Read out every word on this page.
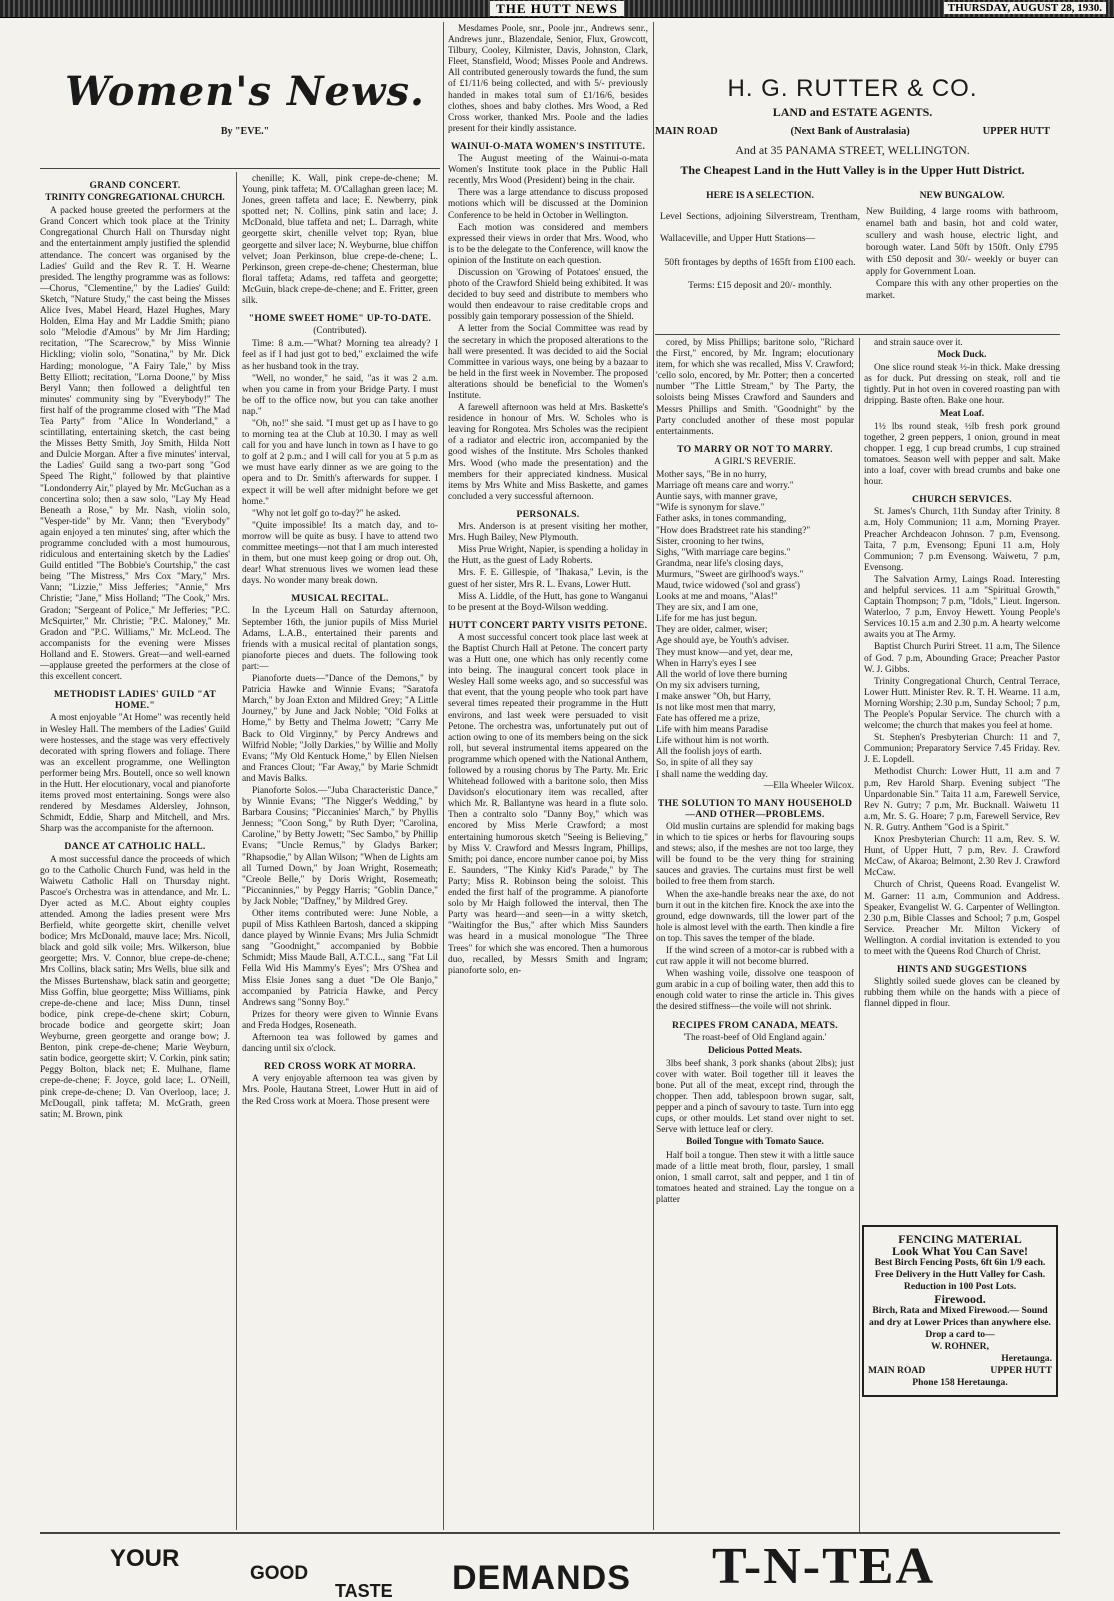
THE HUTT NEWS	THURSDAY, AUGUST 28, 1930.
Women's News.
By "EVE."
GRAND CONCERT.
TRINITY CONGREGATIONAL CHURCH.

A packed house greeted the performers at the Grand Concert which took place at the Trinity Congregational Church Hall on Thursday night and the entertainment amply justified the splendid attendance. The concert was organised by the Ladies' Guild and the Rev R. T. H. Wearne presided. The lengthy programme was as follows:—Chorus, "Clementine," by the Ladies' Guild: Sketch, "Nature Study," the cast being the Misses Alice Ives, Mabel Heard, Hazel Hughes, Mary Holden, Elma Hay and Mr Laddie Smith; piano solo "Melodie d'Amous" by Mr Jim Harding; recitation, "The Scarecrow," by Miss Winnie Hickling; violin solo, "Sonatina," by Mr. Dick Harding; monologue, "A Fairy Tale," by Miss Betty Elliott; recitation, "Lorna Doone," by Miss Beryl Vann; then followed a delightful ten minutes' community sing by "Everybody!" The first half of the programme closed with "The Mad Tea Party" from "Alice In Wonderland," a scintillating, entertaining sketch, the cast being the Misses Betty Smith, Joy Smith, Hilda Nott and Dulcie Morgan. After a five minutes' interval, the Ladies' Guild sang a two-part song "God Speed The Right," followed by that plaintive "Londonderry Air," played by Mr. McGuchan as a concertina solo; then a saw solo, "Lay My Head Beneath a Rose," by Mr. Nash, violin solo, "Vesper-tide" by Mr. Vann; then "Everybody" again enjoyed a ten minutes' sing, after which the programme concluded with a most humourous, ridiculous and entertaining sketch by the Ladies' Guild entitled "The Bobbie's Courtship," the cast being "The Mistress," Mrs Cox "Mary," Mrs. Vann; "Lizzie," Miss Jefferies; "Annie," Mrs Christie; "Jane," Miss Holland; "The Cook," Mrs. Gradon; "Sergeant of Police," Mr Jefferies; "P.C. McSquirter," Mr. Christie; "P.C. Maloney," Mr. Gradon and "P.C. Williams," Mr. McLeod. The accompanists for the evening were Misses Holland and E. Stowers. Great—and well-earned—applause greeted the performers at the close of this excellent concert.

METHODIST LADIES' GUILD "AT HOME."

A most enjoyable "At Home" was recently held in Wesley Hall. The members of the Ladies' Guild were hostesses, and the stage was very effectively decorated with spring flowers and foliage. There was an excellent programme, one Wellington performer being Mrs. Boutell, once so well known in the Hutt. Her elocutionary, vocal and pianoforte items proved most entertaining. Songs were also rendered by Mesdames Aldersley, Johnson, Schmidt, Eddie, Sharp and Mitchell, and Mrs. Sharp was the accompaniste for the afternoon.

DANCE AT CATHOLIC HALL.

A most successful dance the proceeds of which go to the Catholic Church Fund, was held in the Waiwetu Catholic Hall on Thursday night. Pascoe's Orchestra was in attendance, and Mr. L. Dyer acted as M.C. About eighty couples attended. Among the ladies present were Mrs Berfield, white georgette skirt, chenille velvet bodice; Mrs McDonald, mauve lace; Mrs. Nicoll, black and gold silk voile; Mrs. Wilkerson, blue georgette; Mrs. V. Connor, blue crepe-de-chene; Mrs Collins, black satin; Mrs Wells, blue silk and the Misses Burtenshaw, black satin and georgette; Miss Goffin, blue georgette; Miss Williams, pink crepe-de-chene and lace; Miss Dunn, tinsel bodice, pink crepe-de-chene skirt; Coburn, brocade bodice and georgette skirt; Joan Weyburne, green georgette and orange bow; J. Benton, pink crepe-de-chene; Marie Weyburn, satin bodice, georgette skirt; V. Corkin, pink satin; Peggy Bolton, black net; E. Mulhane, flame crepe-de-chene; F. Joyce, gold lace; L. O'Neill, pink crepe-de-chene; D. Van Overloop, lace; J. McDougall, pink taffeta; M. McGrath, green satin; M. Brown, pink

chenille; K. Wall, pink crepe-de-chene; M. Young, pink taffeta; M. O'Callaghan green lace; M. Jones, green taffeta and lace; E. Newberry, pink spotted net; N. Collins, pink satin and lace; J. McDonald, blue taffeta and net; L. Darragh, white georgette skirt, chenille velvet top; Ryan, blue georgette and silver lace; N. Weyburne, blue chiffon velvet; Joan Perkinson, blue crepe-de-chene; L. Perkinson, green crepe-de-chene; Chesterman, blue floral taffeta; Adams, red taffeta and georgette; McGuin, black crepe-de-chene; and E. Fritter, green silk.

"HOME SWEET HOME" UP-TO-DATE.
(Contributed).

Time: 8 a.m.—"What? Morning tea already? I feel as if I had just got to bed," exclaimed the wife as her husband took in the tray.

"Well, no wonder," he said, "as it was 2 a.m. when you came in from your Bridge Party. I must be off to the office now, but you can take another nap."

"Oh, no!" she said. "I must get up as I have to go to morning tea at the Club at 10.30. I may as well call for you and have lunch in town as I have to go to golf at 2 p.m.; and I will call for you at 5 p.m as we must have early dinner as we are going to the opera and to Dr. Smith's afterwards for supper. I expect it will be well after midnight before we get home."

"Why not let golf go to-day?" he asked.

"Quite impossible! Its a match day, and to-morrow will be quite as busy. I have to attend two committee meetings—not that I am much interested in them, but one must keep going or drop out. Oh, dear! What strenuous lives we women lead these days. No wonder many break down.

MUSICAL RECITAL.

In the Lyceum Hall on Saturday afternoon, September 16th, the junior pupils of Miss Muriel Adams, L.A.B., entertained their parents and friends with a musical recital of plantation songs, pianoforte pieces and duets. The following took part:—

Pianoforte duets—"Dance of the Demons," by Patricia Hawke and Winnie Evans; "Saratofa March," by Joan Exton and Mildred Grey; "A Little Journey," by June and Jack Noble; "Old Folks at Home," by Betty and Thelma Jowett; "Carry Me Back to Old Virginny," by Percy Andrews and Wilfrid Noble; "Jolly Darkies," by Willie and Molly Evans; "My Old Kentuck Home," by Ellen Nielsen and Frances Clout; "Far Away," by Marie Schmidt and Mavis Balks.

Pianoforte Solos.—"Juba Characteristic Dance," by Winnie Evans; "The Nigger's Wedding," by Barbara Cousins; "Piccaninies' March," by Phyllis Jenness; "Coon Song," by Ruth Dyer; "Carolina, Caroline," by Betty Jowett; "Sec Sambo," by Phillip Evans; "Uncle Remus," by Gladys Barker; "Rhapsodie," by Allan Wilson; "When de Lights am all Turned Down," by Joan Wright, Rosemeath; "Creole Belle," by Doris Wright, Rosemeath; "Piccaninnies," by Peggy Harris; "Goblin Dance," by Jack Noble; "Daffney," by Mildred Grey.

Other items contributed were: June Noble, a pupil of Miss Kathleen Bartosh, danced a skipping dance played by Winnie Evans; Mrs Julia Schmidt sang "Goodnight," accompanied by Bobbie Schmidt; Miss Maude Ball, A.T.C.L., sang "Fat Lil Fella Wid His Mammy's Eyes"; Mrs O'Shea and Miss Elsie Jones sang a duet "De Ole Banjo," accompanied by Patricia Hawke, and Percy Andrews sang "Sonny Boy."

Prizes for theory were given to Winnie Evans and Freda Hodges, Roseneath.

Afternoon tea was followed by games and dancing until six o'clock.

RED CROSS WORK AT MORRA.

A very enjoyable afternoon tea was given by Mrs. Poole, Hautana Street, Lower Hutt in aid of the Red Cross work at Moera. Those present were

Mesdames Poole, snr., Poole jnr., Andrews senr., Andrews junr., Blazendale, Senior, Flux, Growcott, Tilbury, Cooley, Kilmister, Davis, Johnston, Clark, Fleet, Stansfield, Wood; Misses Poole and Andrews. All contributed generously towards the fund, the sum of £1/11/6 being collected, and with 5/- previously handed in makes total sum of £1/16/6, besides clothes, shoes and baby clothes. Mrs Wood, a Red Cross worker, thanked Mrs. Poole and the ladies present for their kindly assistance.

WAINUI-O-MATA WOMEN'S INSTITUTE.

The August meeting of the Wainui-o-mata Women's Institute took place in the Public Hall recently, Mrs Wood (President) being in the chair.

There was a large attendance to discuss proposed motions which will be discussed at the Dominion Conference to be held in October in Wellington.

Each motion was considered and members expressed their views in order that Mrs. Wood, who is to be the delegate to the Conference, will know the opinion of the Institute on each question.

Discussion on 'Growing of Potatoes' ensued, the photo of the Crawford Shield being exhibited. It was decided to buy seed and distribute to members who would then endeavour to raise creditable crops and possibly gain temporary possession of the Shield.

A letter from the Social Committee was read by the secretary in which the proposed alterations to the hall were presented. It was decided to aid the Social Committee in various ways, one being by a bazaar to be held in the first week in November. The proposed alterations should be beneficial to the Women's Institute.

A farewell afternoon was held at Mrs. Baskette's residence in honour of Mrs. W. Scholes who is leaving for Rongotea. Mrs Scholes was the recipient of a radiator and electric iron, accompanied by the good wishes of the Institute. Mrs Scholes thanked Mrs. Wood (who made the presentation) and the members for their appreciated kindness. Musical items by Mrs White and Miss Baskette, and games concluded a very successful afternoon.

PERSONALS.

Mrs. Anderson is at present visiting her mother, Mrs. Hugh Bailey, New Plymouth.

Miss Prue Wright, Napier, is spending a holiday in the Hutt, as the guest of Lady Roberts.

Mrs. F. E. Gillespie, of "Ihakasa," Levin, is the guest of her sister, Mrs R. L. Evans, Lower Hutt.

Miss A. Liddle, of the Hutt, has gone to Wanganui to be present at the Boyd-Wilson wedding.

HUTT CONCERT PARTY VISITS PETONE.

A most successful concert took place last week at the Baptist Church Hall at Petone. The concert party was a Hutt one, one which has only recently come into being. The inaugural concert took place in Wesley Hall some weeks ago, and so successful was that event, that the young people who took part have several times repeated their programme in the Hutt environs, and last week were persuaded to visit Petone. The orchestra was, unfortunately put out of action owing to one of its members being on the sick roll, but several instrumental items appeared on the programme which opened with the National Anthem, followed by a rousing chorus by The Party. Mr. Eric Whitehead followed with a baritone solo, then Miss Davidson's elocutionary item was recalled, after which Mr. R. Ballantyne was heard in a flute solo. Then a contralto solo "Danny Boy," which was encored by Miss Merle Crawford; a most entertaining humorous sketch "Seeing is Believing," by Miss V. Crawford and Messrs Ingram, Phillips, Smith; poi dance, encore number canoe poi, by Miss E. Saunders, "The Kinky Kid's Parade," by The Party; Miss R. Robinson being the soloist. This ended the first half of the programme. A pianoforte solo by Mr Haigh followed the interval, then The Party was heard—and seen—in a witty sketch, "Waitingfor the Bus," after which Miss Saunders was heard in a musical monologue "The Three Trees" for which she was encored. Then a humorous duo, recalled, by Messrs Smith and Ingram; pianoforte solo, en-

H. G. RUTTER & CO.
LAND and ESTATE AGENTS.
MAIN ROAD	(Next Bank of Australasia)	UPPER HUTT
And at 35 PANAMA STREET, WELLINGTON.
The Cheapest Land in the Hutt Valley is in the Upper Hutt District.
HERE IS A SELECTION.
Level Sections, adjoining Silverstream, Trentham, Wallaceville, and Upper Hutt Stations—
50ft frontages by depths of 165ft from £100 each.
Terms: £15 deposit and 20/- monthly.
NEW BUNGALOW.
New Building, 4 large rooms with bathroom, enamel bath and basin, hot and cold water, scullery and wash house, electric light, and borough water. Land 50ft by 150ft. Only £795 with £50 deposit and 30/- weekly or buyer can apply for Government Loan.
Compare this with any other properties on the market.

cored, by Miss Phillips; baritone solo, "Richard the First," encored, by Mr. Ingram; elocutionary item, for which she was recalled, Miss V. Crawford; 'cello solo, encored, by Mr. Potter; then a concerted number "The Little Stream," by The Party, the soloists being Misses Crawford and Saunders and Messrs Phillips and Smith. "Goodnight" by the Party concluded another of these most popular entertainments.

TO MARRY OR NOT TO MARRY.
A GIRL'S REVERIE.
Mother says, "Be in no hurry,
Marriage oft means care and worry."
Auntie says, with manner grave,
"Wife is synonym for slave."
Father asks, in tones commanding,
"How does Bradstreet rate his standing?"
Sister, crooning to her twins,
Sighs, "With marriage care begins."
Grandma, near life's closing days,
Murmurs, "Sweet are girlhood's ways."
Maud, twice widowed ('sol and grass')
Looks at me and moans, "Alas!"
They are six, and I am one,
Life for me has just begun.
They are older, calmer, wiser;
Age should aye, be Youth's adviser.
They must know—and yet, dear me,
When in Harry's eyes I see
All the world of love there burning
On my six advisers turning,
I make answer "Oh, but Harry,
Is not like most men that marry,
Fate has offered me a prize,
Life with him means Paradise
Life without him is not worth.
All the foolish joys of earth.
So, in spite of all they say
I shall name the wedding day.
—Ella Wheeler Wilcox.
THE SOLUTION TO MANY HOUSEHOLD—AND OTHER—PROBLEMS.

Old muslin curtains are splendid for making bags in which to tie spices or herbs for flavouring soups and stews; also, if the meshes are not too large, they will be found to be the very thing for straining sauces and gravies. The curtains must first be well boiled to free them from starch.

When the axe-handle breaks near the axe, do not burn it out in the kitchen fire. Knock the axe into the ground, edge downwards, till the lower part of the hole is almost level with the earth. Then kindle a fire on top. This saves the temper of the blade.

If the wind screen of a motor-car is rubbed with a cut raw apple it will not become blurred.

When washing voile, dissolve one teaspoon of gum arabic in a cup of boiling water, then add this to enough cold water to rinse the article in. This gives the desired stiffness—the voile will not shrink.

RECIPES FROM CANADA, MEATS.
'The roast-beef of Old England again.'
Delicious Potted Meats.

3lbs beef shank, 3 pork shanks (about 2lbs); just cover with water. Boil together till it leaves the bone. Put all of the meat, except rind, through the chopper. Then add, tablespoon brown sugar, salt, pepper and a pinch of savoury to taste. Turn into egg cups, or other moulds. Let stand over night to set. Serve with lettuce leaf or clery.

Boiled Tongue with Tomato Sauce.

Half boil a tongue. Then stew it with a little sauce made of a little meat broth, flour, parsley, 1 small onion, 1 small carrot, salt and pepper, and 1 tin of tomatoes heated and strained. Lay the tongue on a platter

and strain sauce over it.

Mock Duck.

One slice round steak ½-in thick. Make dressing as for duck. Put dressing on steak, roll and tie tightly. Put in hot oven in covered roasting pan with dripping. Baste often. Bake one hour.

Meat Loaf.

1½ lbs round steak, ½lb fresh pork ground together, 2 green peppers, 1 onion, ground in meat chopper. 1 egg, 1 cup bread crumbs, 1 cup strained tomatoes. Season well with pepper and salt. Make into a loaf, cover with bread crumbs and bake one hour.

CHURCH SERVICES.

St. James's Church, 11th Sunday after Trinity. 8 a.m, Holy Communion; 11 a.m, Morning Prayer. Preacher Archdeacon Johnson. 7 p.m, Evensong. Taita, 7 p.m, Evensong; Epuni 11 a.m, Holy Communion; 7 p.m Evensong. Waiwetu, 7 p.m, Evensong.

The Salvation Army, Laings Road. Interesting and helpful services. 11 a.m "Spiritual Growth," Captain Thompson; 7 p.m, "Idols," Lieut. Ingerson. Waterloo, 7 p.m, Envoy Hewett. Young People's Services 10.15 a.m and 2.30 p.m. A hearty welcome awaits you at The Army.

Baptist Church Puriri Street. 11 a.m, The Silence of God. 7 p.m, Abounding Grace; Preacher Pastor W. J. Gibbs.

Trinity Congregational Church, Central Terrace, Lower Hutt. Minister Rev. R. T. H. Wearne. 11 a.m, Morning Worship; 2.30 p.m, Sunday School; 7 p.m, The People's Popular Service. The church with a welcome; the church that makes you feel at home.

St. Stephen's Presbyterian Church: 11 and 7, Communion; Preparatory Service 7.45 Friday. Rev. J. E. Lopdell.

Methodist Church: Lower Hutt, 11 a.m and 7 p.m, Rev Harold Sharp. Evening subject "The Unpardonable Sin." Taita 11 a.m, Farewell Service, Rev N. Gutry; 7 p.m, Mr. Bucknall. Waiwetu 11 a.m, Mr. S. G. Hoare; 7 p.m, Farewell Service, Rev N. R. Gutry. Anthem "God is a Spirit."

Knox Presbyterian Church: 11 a.m, Rev. S. W. Hunt, of Upper Hutt, 7 p.m, Rev. J. Crawford McCaw, of Akaroa; Belmont, 2.30 Rev J. Crawford McCaw.

Church of Christ, Queens Road. Evangelist W. M. Garner: 11 a.m, Communion and Address. Speaker, Evangelist W. G. Carpenter of Wellington. 2.30 p.m, Bible Classes and School; 7 p.m, Gospel Service. Preacher Mr. Milton Vickery of Wellington. A cordial invitation is extended to you to meet with the Queens Rod Church of Christ.

HINTS AND SUGGESTIONS

Slightly soiled suede gloves can be cleaned by rubbing them while on the hands with a piece of flannel dipped in flour.

FENCING MATERIAL
Look What You Can Save!
Best Birch Fencing Posts, 6ft 6in 1/9 each.
Free Delivery in the Hutt Valley for Cash.
Reduction in 100 Post Lots.
Firewood.
Birch, Rata and Mixed Firewood.— Sound and dry at Lower Prices than anywhere else.
Drop a card to—
W. ROHNER,
Heretaunga.
MAIN ROAD	UPPER HUTT
Phone 158 Heretaunga.
YOUR
GOOD
TASTE DEMANDS T-N-TEA
